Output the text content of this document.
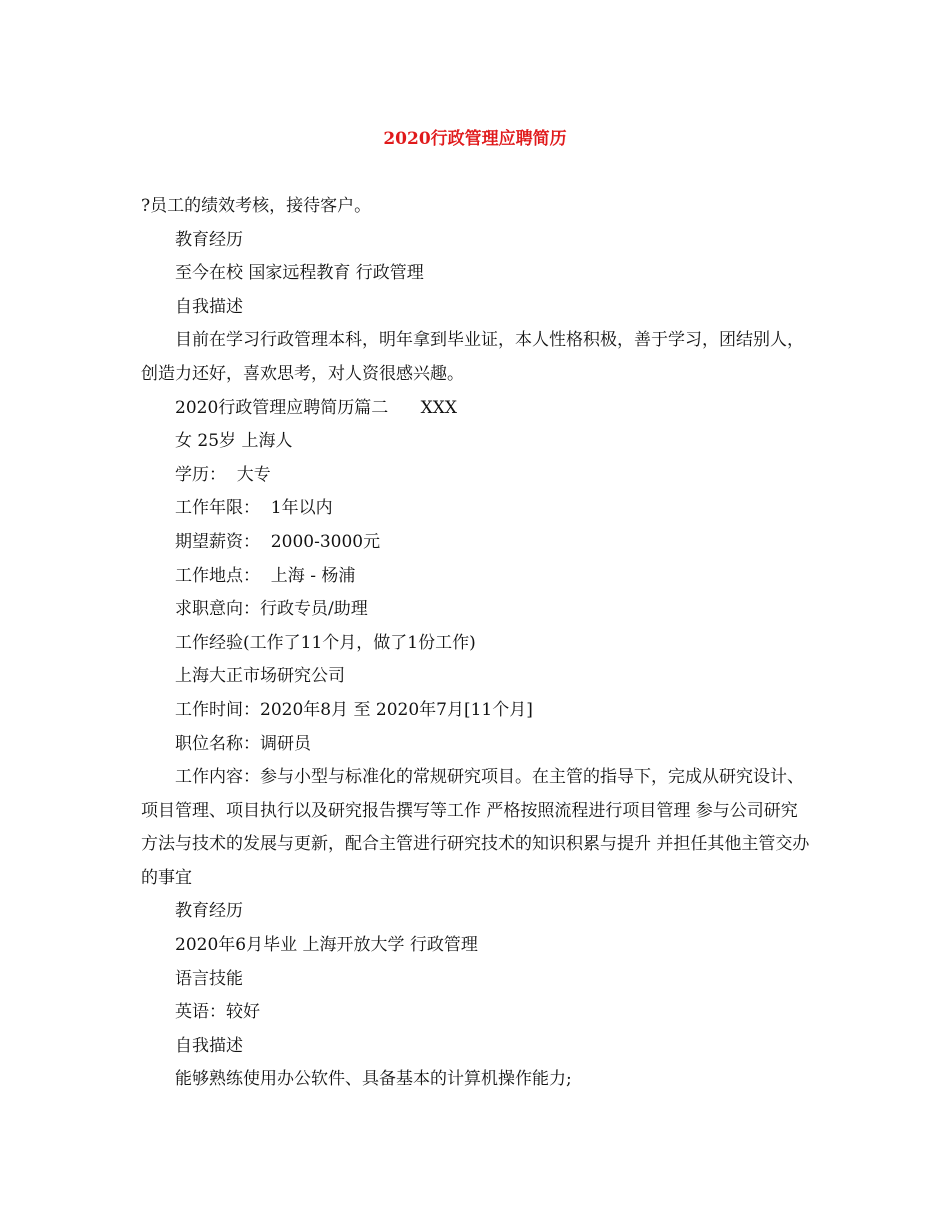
2020行政管理应聘简历

?员工的绩效考核，接待客户。

教育经历

至今在校 国家远程教育 行政管理

自我描述

目前在学习行政管理本科，明年拿到毕业证，本人性格积极，善于学习，团结别人，创造力还好，喜欢思考，对人资很感兴趣。

2020行政管理应聘简历篇二      XXX

女 25岁 上海人

学历：  大专

工作年限：  1年以内

期望薪资：  2000-3000元

工作地点：  上海 - 杨浦

求职意向：行政专员/助理

工作经验(工作了11个月，做了1份工作)

上海大正市场研究公司

工作时间：2020年8月 至 2020年7月[11个月]

职位名称：调研员

工作内容：参与小型与标准化的常规研究项目。在主管的指导下，完成从研究设计、项目管理、项目执行以及研究报告撰写等工作 严格按照流程进行项目管理 参与公司研究方法与技术的发展与更新，配合主管进行研究技术的知识积累与提升 并担任其他主管交办的事宜

教育经历

2020年6月毕业 上海开放大学 行政管理

语言技能

英语：较好

自我描述

能够熟练使用办公软件、具备基本的计算机操作能力;
